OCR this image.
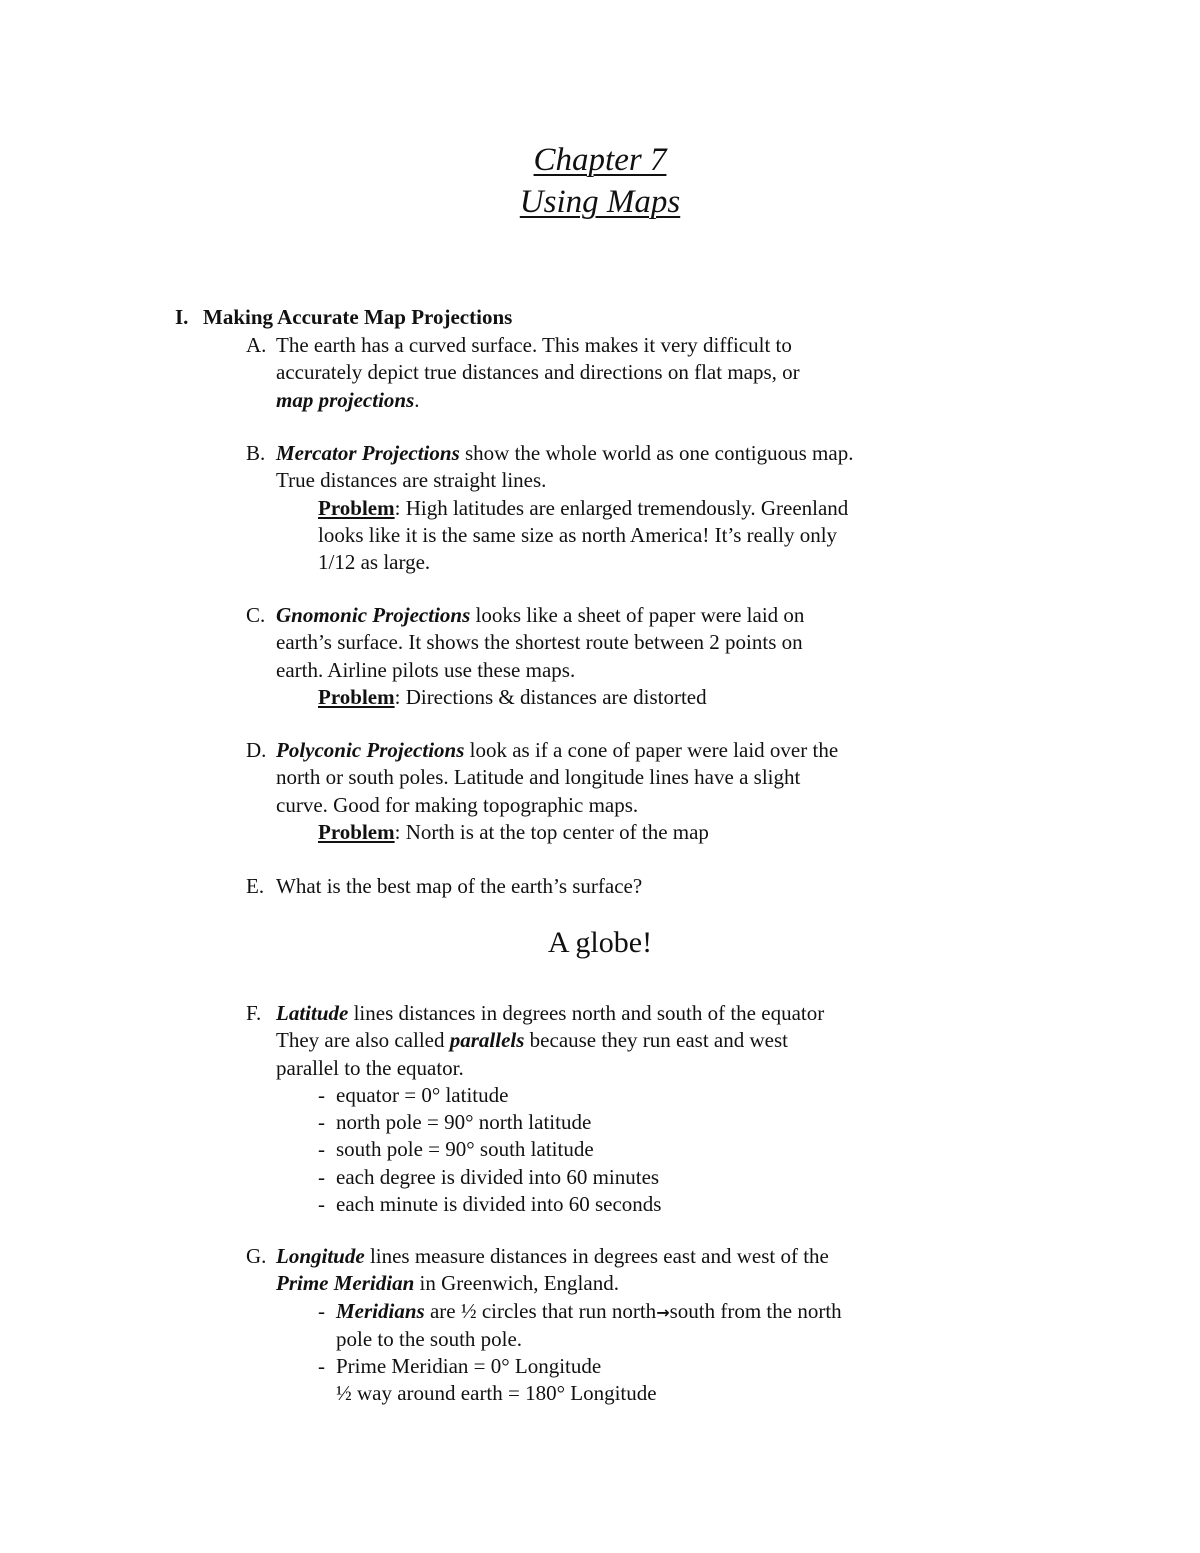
Chapter 7
Using Maps
I. Making Accurate Map Projections
A. The earth has a curved surface. This makes it very difficult to
accurately depict true distances and directions on flat maps, or
map projections.
B. Mercator Projections show the whole world as one contiguous map.
True distances are straight lines.
Problem: High latitudes are enlarged tremendously. Greenland
looks like it is the same size as north America! It’s really only
1/12 as large.
C. Gnomonic Projections looks like a sheet of paper were laid on
earth’s surface. It shows the shortest route between 2 points on
earth. Airline pilots use these maps.
Problem: Directions & distances are distorted
D. Polyconic Projections look as if a cone of paper were laid over the
north or south poles. Latitude and longitude lines have a slight
curve. Good for making topographic maps.
Problem: North is at the top center of the map
E. What is the best map of the earth’s surface?
A globe!
F. Latitude lines distances in degrees north and south of the equator
They are also called parallels because they run east and west
parallel to the equator.
- equator = 0° latitude
- north pole = 90° north latitude
- south pole = 90° south latitude
- each degree is divided into 60 minutes
- each minute is divided into 60 seconds
G. Longitude lines measure distances in degrees east and west of the
Prime Meridian in Greenwich, England.
- Meridians are ½ circles that run north→south from the north
pole to the south pole.
- Prime Meridian = 0° Longitude
½ way around earth = 180° Longitude
